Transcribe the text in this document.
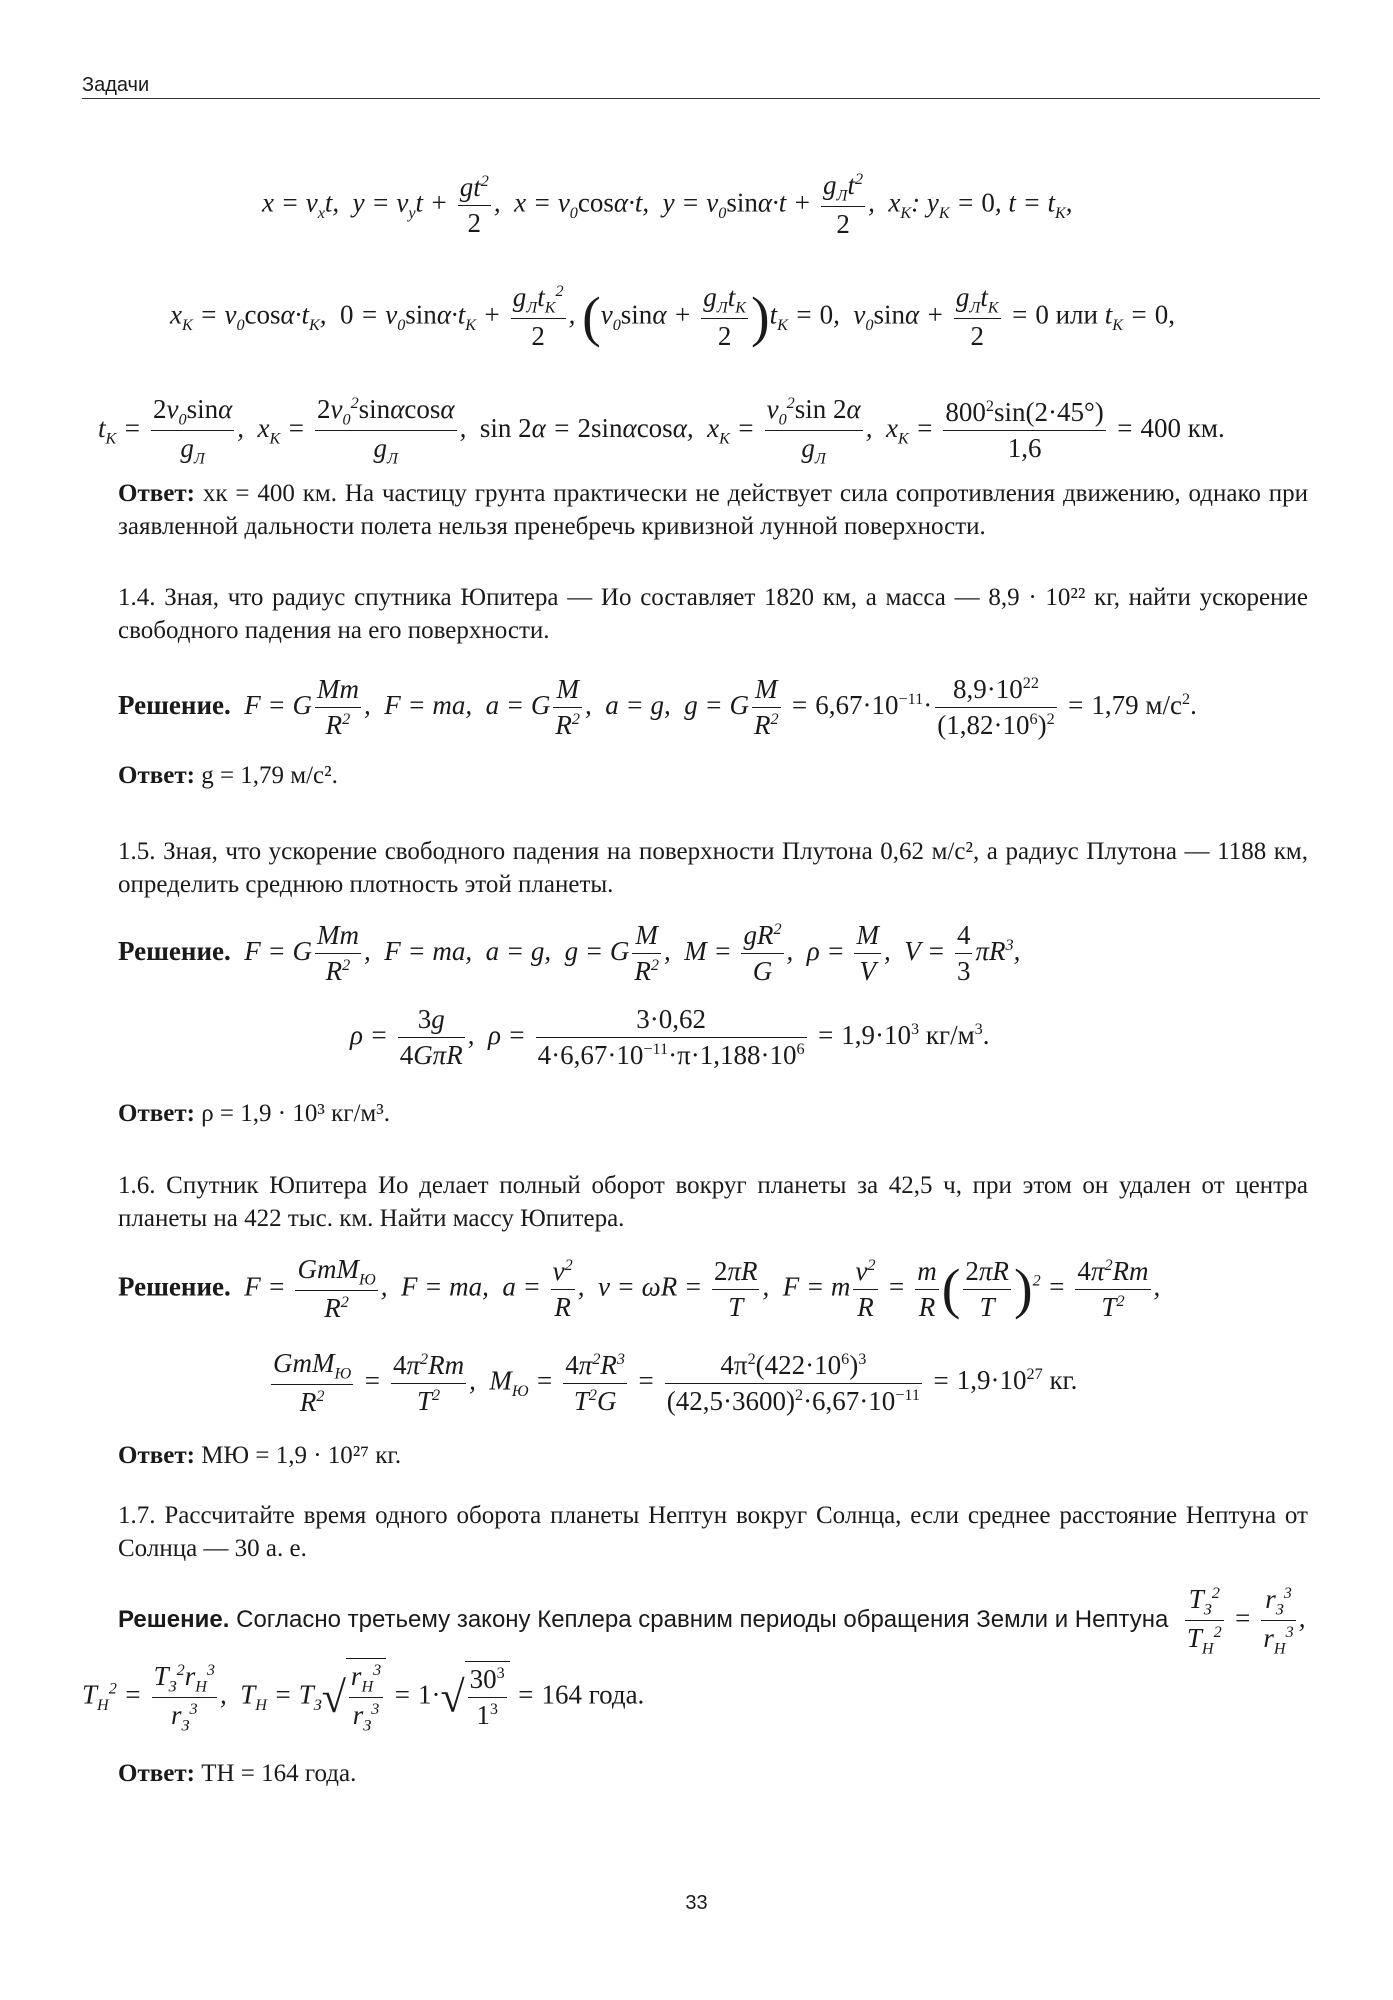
Задачи
$x = v_xt$,  $y = v_yt + \frac{gt^2}{2}$ ,  $x = v_0\cos\alpha\cdot t$,  $y = v_0\sin\alpha\cdot t + \frac{g_Лt^2}{2}$ ,  $x_К$: $y_К = 0$, $t = t_К$,
$x_К = v_0\cos\alpha\cdot t_К$,  $0 = v_0\sin\alpha\cdot t_К + \frac{g_Лt_К^2}{2}$ , $(v_0\sin\alpha + \frac{g_Лt_К}{2} )t_К = 0$,  $v_0\sin\alpha + \frac{g_Лt_К}{2} = 0$ или $t_К = 0$,
$t_К = \frac{2v_0\sin\alpha}{g_Л}$ ,  $x_К = \frac{2v_0^2\sin\alpha\cos\alpha}{g_Л}$ ,  sin 2α = 2sinαcosα,  $x_К = \frac{v_0^2\sin 2\alpha}{g_Л}$ ,  $x_К = \frac{800^2\sin(2\cdot 45^\circ)}{1,6} = 400$ км.
Ответ: xк = 400 км. На частицу грунта практически не действует сила сопротивления движению, однако при заявленной дальности полета нельзя пренебречь кривизной лунной поверхности.
1.4. Зная, что радиус спутника Юпитера — Ио составляет 1820 км, а масса — 8,9 · 10²² кг, найти ускорение свободного падения на его поверхности.
Решение.  F = G $\frac{Mm}{R^2}$ ,  F = ma,  a = G $\frac{M}{R^2}$ ,  a = g,  g = G $\frac{M}{R^2} = 6,67\cdot 10^{-11}\cdot \frac{8,9\cdot 10^{22}}{(1,82\cdot 10^6)^2} = 1,79$ $м/с^2$.
Ответ: g = 1,79 м/с².
1.5. Зная, что ускорение свободного падения на поверхности Плутона 0,62 м/с², а радиус Плутона — 1188 км, определить среднюю плотность этой планеты.
Решение.  F = G $\frac{Mm}{R^2}$ ,  F = ma,  a = g,  g = G $\frac{M}{R^2}$ ,  $M = \frac{gR^2}{G}$ ,  $\rho = \frac{M}{V}$ ,  $V = \frac{4}{3} \pi R^3$,
$\rho = \frac{3g}{\text{4GπR}}$ ,  $\rho = \frac{3\cdot 0,62}{4\cdot 6,67\cdot 10^{-11}\cdot\pi\cdot 1,188\cdot 10^6} = 1,9\cdot 10^3$ $кг/м^3$.
Ответ: ρ = 1,9 · 10³ кг/м³.
1.6. Спутник Юпитера Ио делает полный оборот вокруг планеты за 42,5 ч, при этом он удален от центра планеты на 422 тыс. км. Найти массу Юпитера.
Решение.  $F = \frac{GmM_Ю}{R^2}$ ,  F = ma,  $a = \frac{v^2}{R}$ ,  $v = \omega R = \frac{2\pi R}{T}$ ,  F = m $\frac{v^2}{R} = \frac{m}{R}$ ( $\frac{2\pi R}{T} )^2 = \frac{4\pi^2Rm}{T^2}$ ,
$\frac{GmM_Ю}{R^2} = \frac{4\pi^2Rm}{T^2}$ ,  $M_Ю = \frac{4\pi^2R^3}{T^2G} = \frac{4\pi^2(422\cdot 10^6)^3}{(42,5\cdot 3600)^2\cdot 6,67\cdot 10^{-11}} = 1,9\cdot 10^{27}$ кг.
Ответ: MЮ = 1,9 · 10²⁷ кг.
1.7. Рассчитайте время одного оборота планеты Нептун вокруг Солнца, если среднее расстояние Нептуна от Солнца — 30 а. е.
Решение. Согласно третьему закону Кеплера сравним периоды обращения Земли и Нептуна $\frac{T_З^2}{T_Н^2} = \frac{r_З^3}{r_Н^3}$ ,
$T_Н^2 = \frac{T_З^2r_Н^3}{r_З^3}$ ,  $T_Н = T_З√ \frac{r_Н^3}{r_З^3} = 1\cdot√ \frac{30^3}{1^3} = 164$ года.
Ответ: TН = 164 года.
33
